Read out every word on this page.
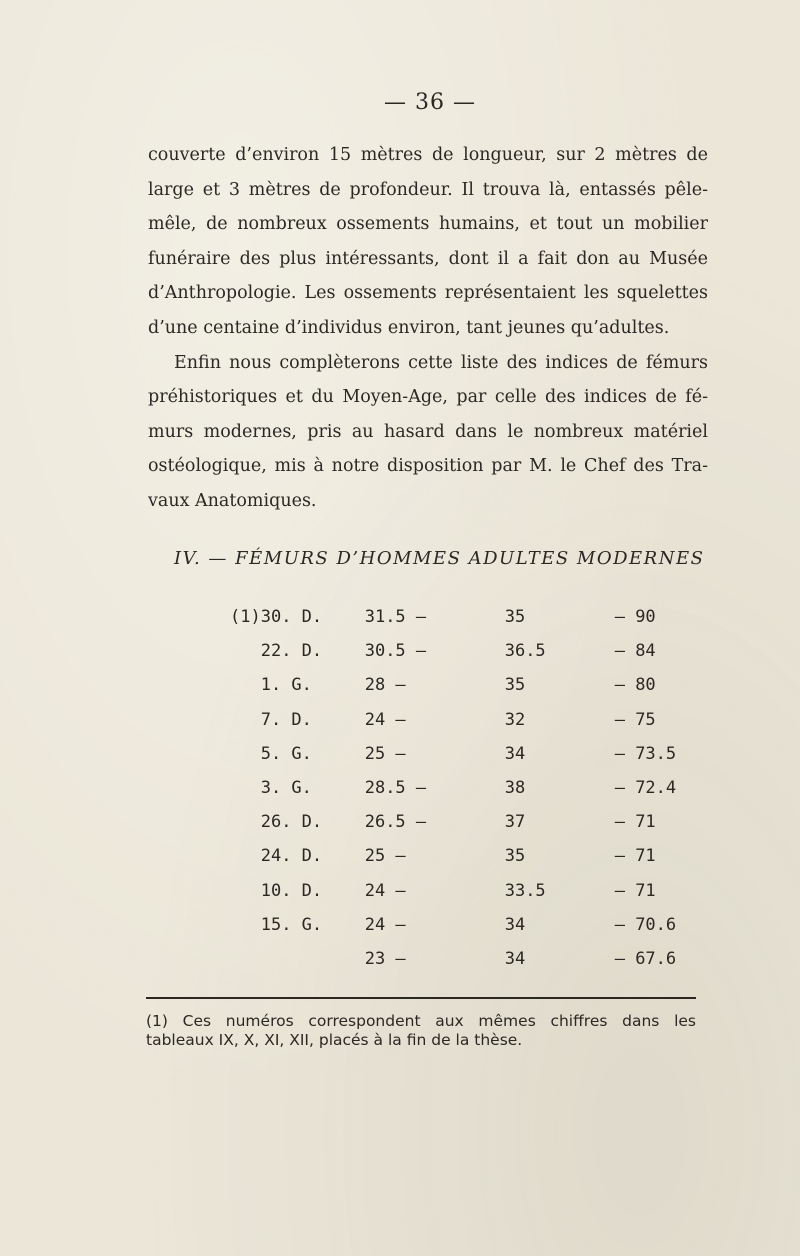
— 36 —

couverte d’environ 15 mètres de longueur, sur 2 mètres de
large et 3 mètres de profondeur. Il trouva là, entassés pêle-
mêle, de nombreux ossements humains, et tout un mobilier
funéraire des plus intéressants, dont il a fait don au Musée
d’Anthropologie. Les ossements représentaient les squelettes
d’une centaine d’individus environ, tant jeunes qu’adultes.

Enfin nous complèterons cette liste des indices de fémurs
préhistoriques et du Moyen-Age, par celle des indices de fé-
murs modernes, pris au hasard dans le nombreux matériel
ostéologique, mis à notre disposition par M. le Chef des Tra-
vaux Anatomiques.

IV. — FÉMURS D’HOMMES ADULTES MODERNES
(1)	30. D.	31.5 —	35	— 90
	22. D.	30.5 —	36.5	— 84
	1. G.	28 —	35	— 80
	7. D.	24 —	32	— 75
	5. G.	25 —	34	— 73.5
	3. G.	28.5 —	38	— 72.4
	26. D.	26.5 —	37	— 71
	24. D.	25 —	35	— 71
	10. D.	24 —	33.5	— 71
	15. G.	24 —	34	— 70.6
		23 —	34	— 67.6
(1) Ces numéros correspondent aux mêmes chiffres dans les
tableaux IX, X, XI, XII, placés à la fin de la thèse.
